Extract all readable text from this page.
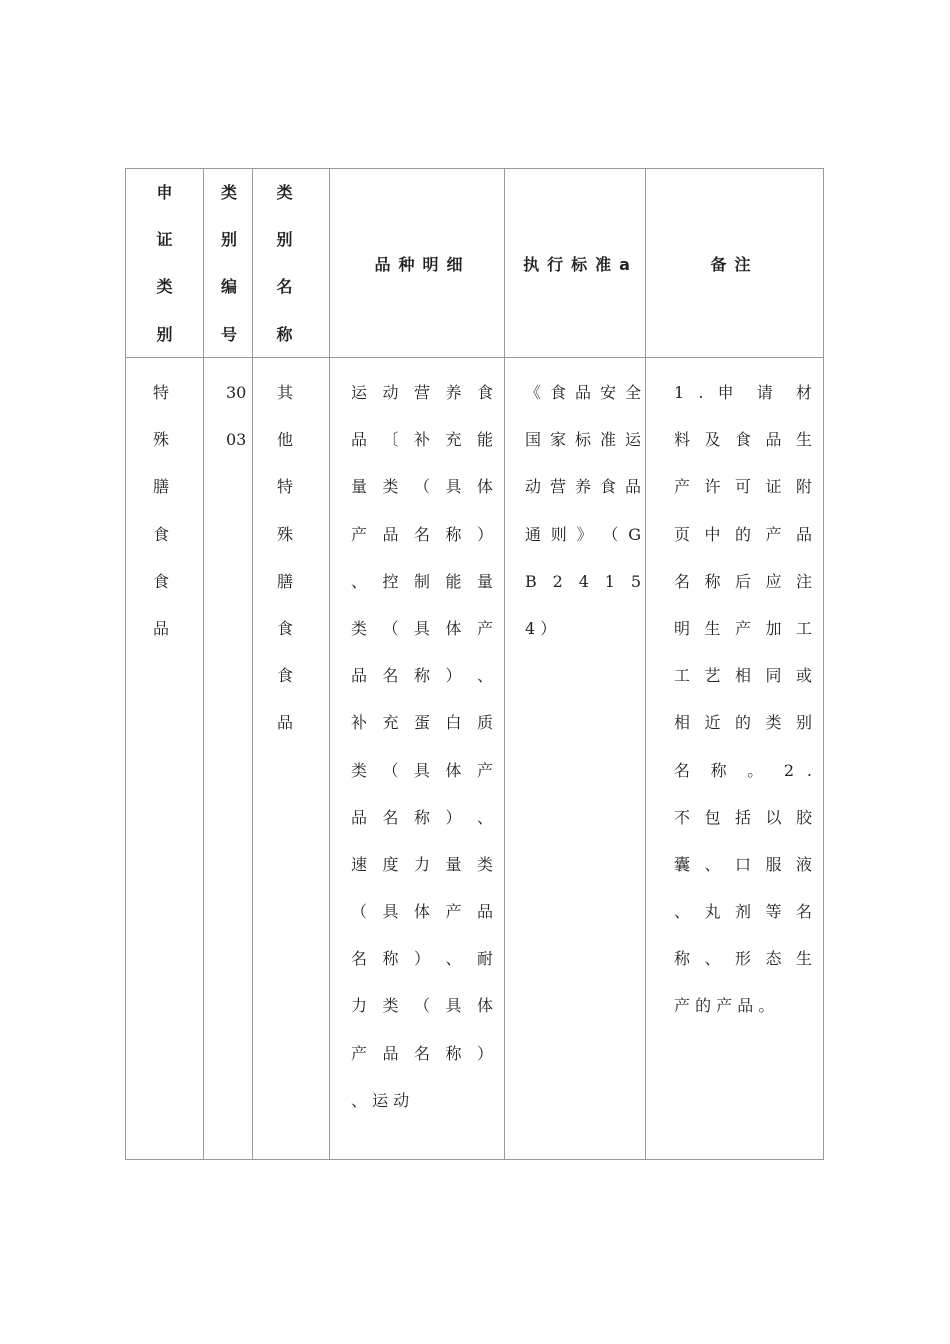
申
证
类
别
类
别
编
号
类
别
名
称
品种明细	执行标准a	备注
特
殊
膳
食
食
品
30
03
其
他
特
殊
膳
食
食
品
运 动 营 养 食
品 〔 补 充 能
量 类 （ 具 体
产 品 名 称 ）
、 控 制 能 量
类 （ 具 体 产
品 名 称 ） 、
补 充 蛋 白 质
类 （ 具 体 产
品 名 称 ） 、
速 度 力 量 类
（ 具 体 产 品
名 称 ） 、 耐
力 类 （ 具 体
产 品 名 称 ）
、 运 动
《 食 品 安 全
国 家 标 准 运
动 营 养 食 品
通 则 》 （ G
B 2 4 1 5
4 ）
1 . 申 请 材
料 及 食 品 生
产 许 可 证 附
页 中 的 产 品
名 称 后 应 注
明 生 产 加 工
工 艺 相 同 或
相 近 的 类 别
名 称 。 2 .
不 包 括 以 胶
囊 、 口 服 液
、 丸 剂 等 名
称 、 形 态 生
产 的 产 品 。
